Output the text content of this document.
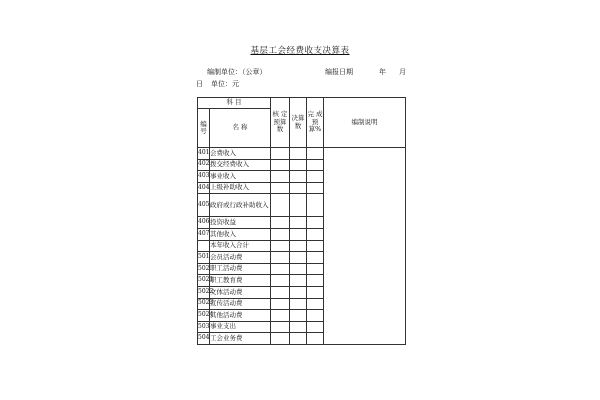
基层工会经费收支决算表
编制单位：（公章）	编报日期	年 月
日 单位：元
科 目		核 定 预算数	决算数	完 成 预算%	编制说明
编号	名 称				
401	会费收入				
402	拨交经费收入				
403	事业收入				
404	上级补助收入				
405	政府或行政补助收入				
406	投资收益				
407	其他收入				
	本年收入合计				
501	会员活动费				
502	职工活动费				
5021	职工教育费				
5022	文体活动费				
5023	宣传活动费				
5024	其他活动费				
503	事业支出				
504	工会业务费				
